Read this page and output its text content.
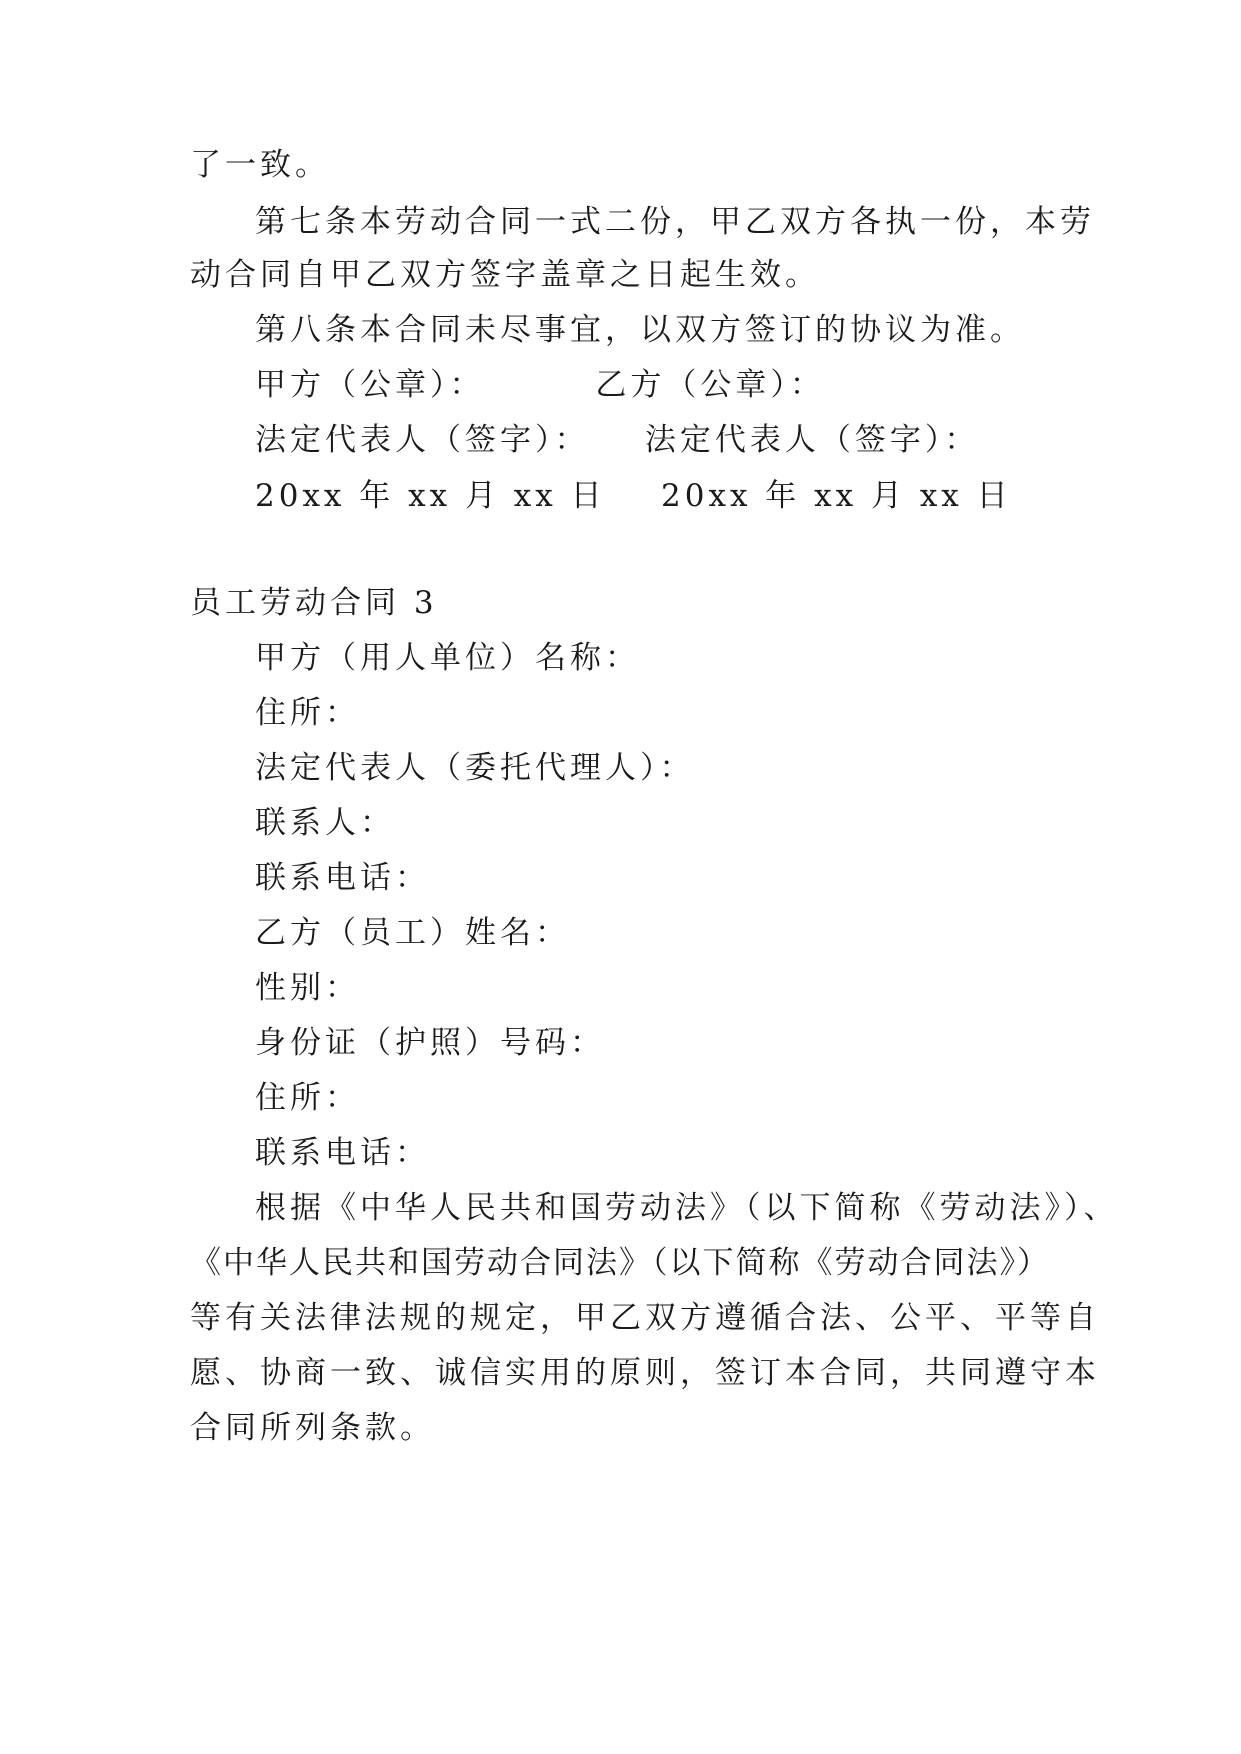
了一致。
第七条本劳动合同一式二份，甲乙双方各执一份，本劳
动合同自甲乙双方签字盖章之日起生效。
第八条本合同未尽事宜，以双方签订的协议为准。
甲方（公章）：        乙方（公章）：
法定代表人（签字）：    法定代表人（签字）：
20xx 年 xx 月 xx 日    20xx 年 xx 月 xx 日
员工劳动合同 3
甲方（用人单位）名称：
住所：
法定代表人（委托代理人）：
联系人：
联系电话：
乙方（员工）姓名：
性别：
身份证（护照）号码：
住所：
联系电话：
根据《中华人民共和国劳动法》（以下简称《劳动法》）、
《中华人民共和国劳动合同法》（以下简称《劳动合同法》）
等有关法律法规的规定，甲乙双方遵循合法、公平、平等自
愿、协商一致、诚信实用的原则，签订本合同，共同遵守本
合同所列条款。
